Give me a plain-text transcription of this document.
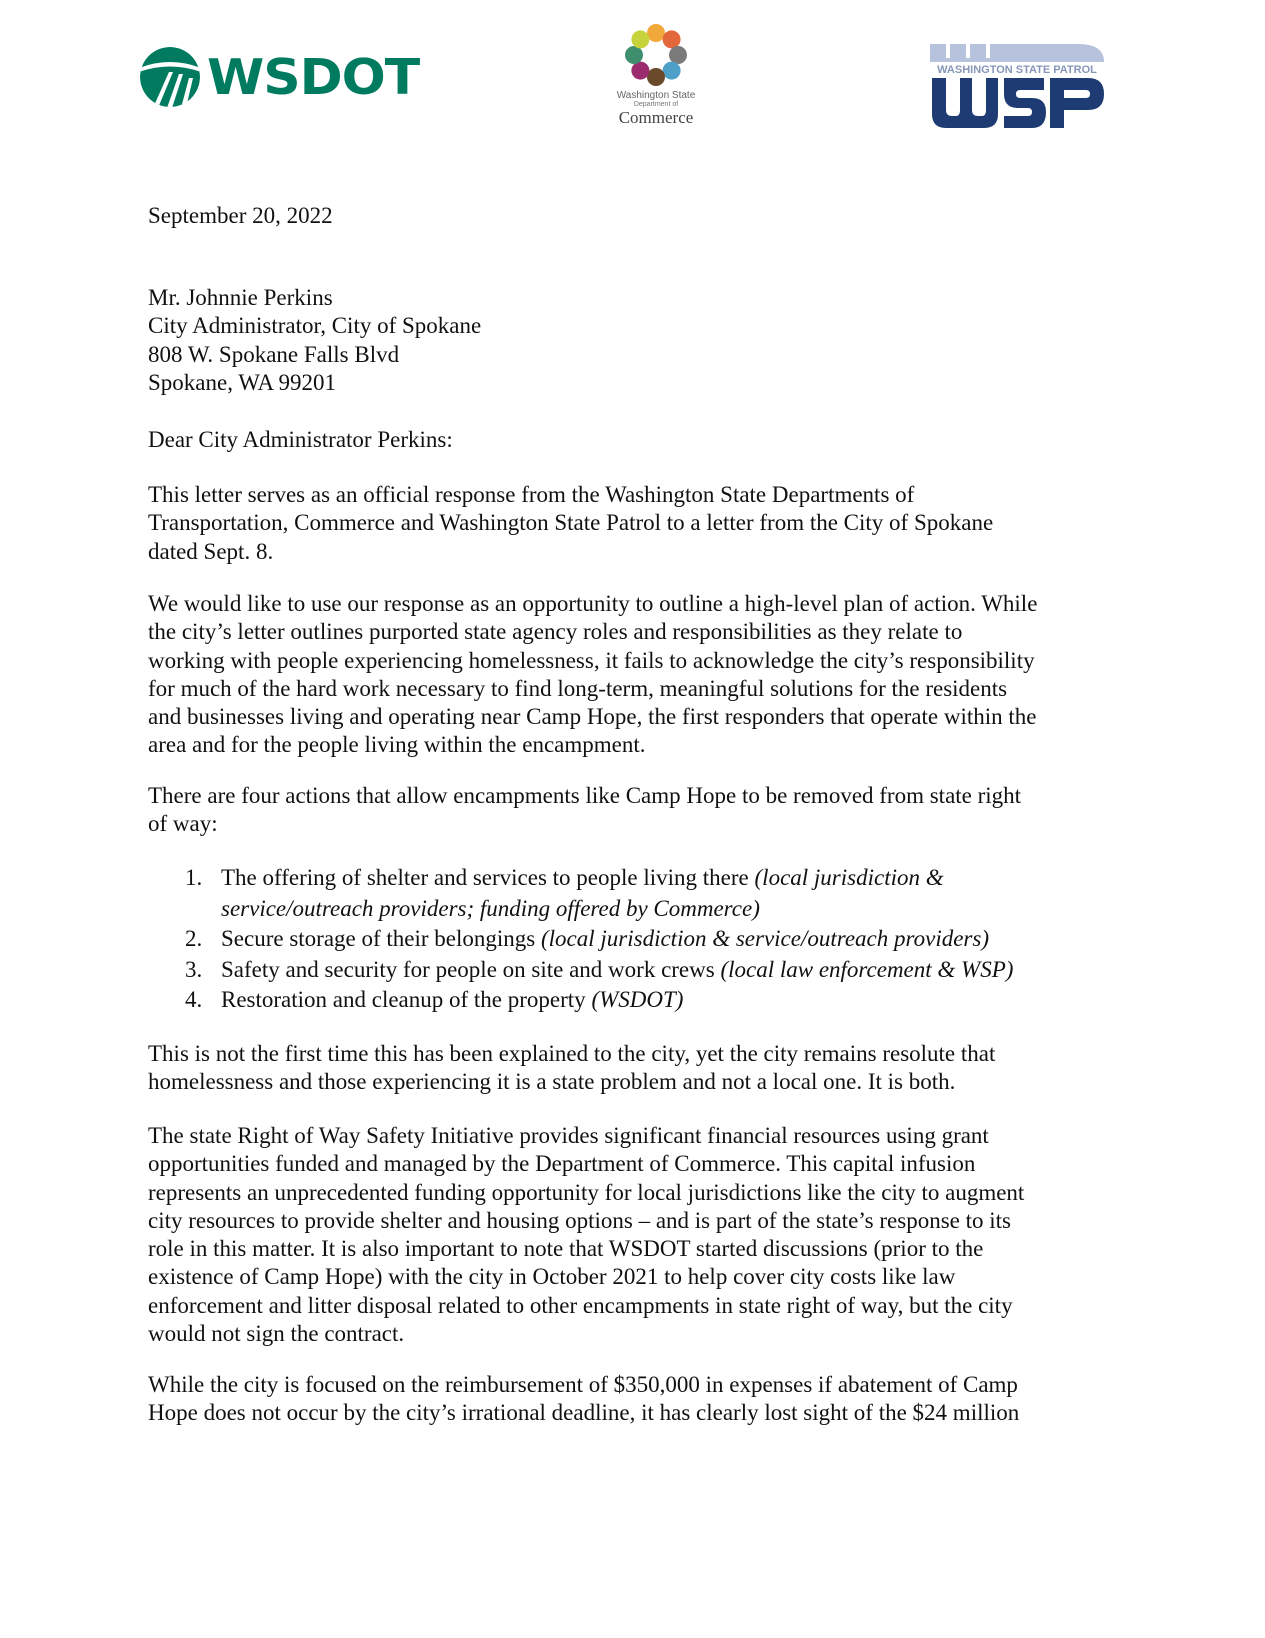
WSDOT	Washington State
Department of
Commerce
WASHINGTON STATE PATROL

September 20, 2022

Mr. Johnnie Perkins
City Administrator, City of Spokane
808 W. Spokane Falls Blvd
Spokane, WA 99201

Dear City Administrator Perkins:

This letter serves as an official response from the Washington State Departments of
Transportation, Commerce and Washington State Patrol to a letter from the City of Spokane
dated Sept. 8.

We would like to use our response as an opportunity to outline a high-level plan of action. While
the city’s letter outlines purported state agency roles and responsibilities as they relate to
working with people experiencing homelessness, it fails to acknowledge the city’s responsibility
for much of the hard work necessary to find long-term, meaningful solutions for the residents
and businesses living and operating near Camp Hope, the first responders that operate within the
area and for the people living within the encampment.

There are four actions that allow encampments like Camp Hope to be removed from state right
of way:

1. The offering of shelter and services to people living there (local jurisdiction &
service/outreach providers; funding offered by Commerce)
2. Secure storage of their belongings (local jurisdiction & service/outreach providers)
3. Safety and security for people on site and work crews (local law enforcement & WSP)
4. Restoration and cleanup of the property (WSDOT)

This is not the first time this has been explained to the city, yet the city remains resolute that
homelessness and those experiencing it is a state problem and not a local one. It is both.

The state Right of Way Safety Initiative provides significant financial resources using grant
opportunities funded and managed by the Department of Commerce. This capital infusion
represents an unprecedented funding opportunity for local jurisdictions like the city to augment
city resources to provide shelter and housing options – and is part of the state’s response to its
role in this matter. It is also important to note that WSDOT started discussions (prior to the
existence of Camp Hope) with the city in October 2021 to help cover city costs like law
enforcement and litter disposal related to other encampments in state right of way, but the city
would not sign the contract.

While the city is focused on the reimbursement of $350,000 in expenses if abatement of Camp
Hope does not occur by the city’s irrational deadline, it has clearly lost sight of the $24 million
